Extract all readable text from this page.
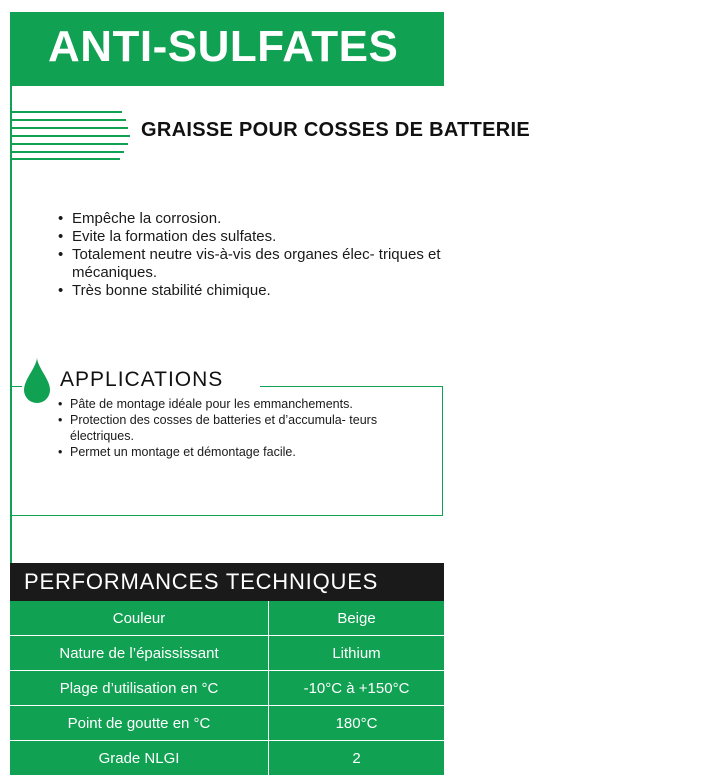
ANTI-SULFATES
GRAISSE POUR COSSES DE BATTERIE
• Empêche la corrosion.
• Evite la formation des sulfates.
• Totalement neutre vis-à-vis des organes élec- triques et mécaniques.
• Très bonne stabilité chimique.
APPLICATIONS
• Pâte de montage idéale pour les emmanchements.
• Protection des cosses de batteries et d’accumula- teurs électriques.
• Permet un montage et démontage facile.
PERFORMANCES TECHNIQUES
Couleur	Beige
Nature de l’épaississant	Lithium
Plage d’utilisation en °C	-10°C à +150°C
Point de goutte en °C	180°C
Grade NLGI	2
